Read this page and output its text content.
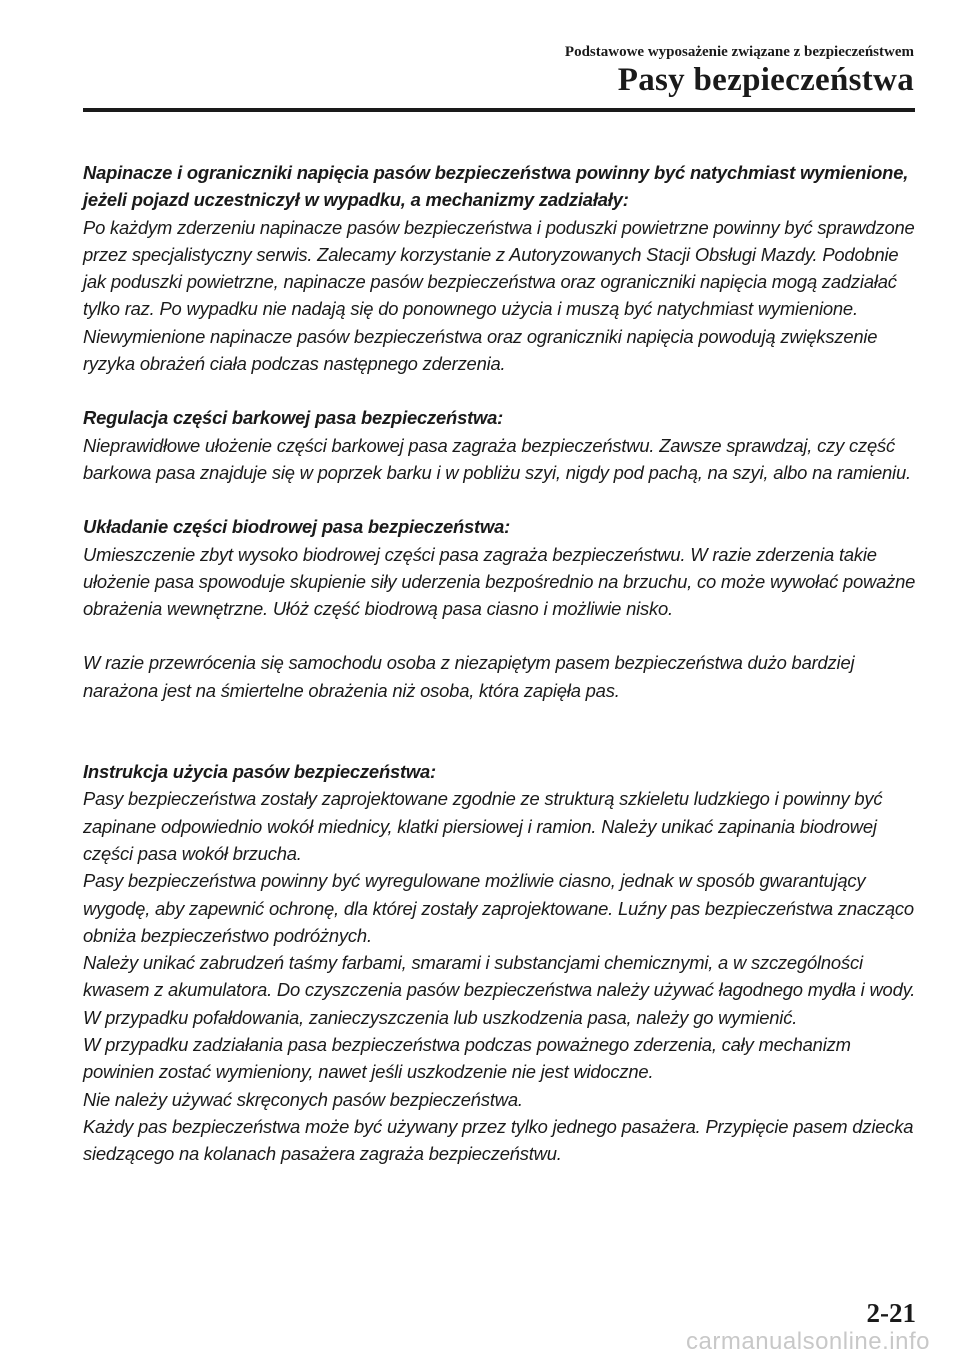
Podstawowe wyposażenie związane z bezpieczeństwem
Pasy bezpieczeństwa

Napinacze i ograniczniki napięcia pasów bezpieczeństwa powinny być natychmiast wymienione, jeżeli pojazd uczestniczył w wypadku, a mechanizmy zadziałały:

Po każdym zderzeniu napinacze pasów bezpieczeństwa i poduszki powietrzne powinny być sprawdzone przez specjalistyczny serwis. Zalecamy korzystanie z Autoryzowanych Stacji Obsługi Mazdy. Podobnie jak poduszki powietrzne, napinacze pasów bezpieczeństwa oraz ograniczniki napięcia mogą zadziałać tylko raz. Po wypadku nie nadają się do ponownego użycia i muszą być natychmiast wymienione. Niewymienione napinacze pasów bezpieczeństwa oraz ograniczniki napięcia powodują zwiększenie ryzyka obrażeń ciała podczas następnego zderzenia.

Regulacja części barkowej pasa bezpieczeństwa:

Nieprawidłowe ułożenie części barkowej pasa zagraża bezpieczeństwu. Zawsze sprawdzaj, czy część barkowa pasa znajduje się w poprzek barku i w pobliżu szyi, nigdy pod pachą, na szyi, albo na ramieniu.

Układanie części biodrowej pasa bezpieczeństwa:

Umieszczenie zbyt wysoko biodrowej części pasa zagraża bezpieczeństwu. W razie zderzenia takie ułożenie pasa spowoduje skupienie siły uderzenia bezpośrednio na brzuchu, co może wywołać poważne obrażenia wewnętrzne. Ułóż część biodrową pasa ciasno i możliwie nisko.

W razie przewrócenia się samochodu osoba z niezapiętym pasem bezpieczeństwa dużo bardziej narażona jest na śmiertelne obrażenia niż osoba, która zapięła pas.

Instrukcja użycia pasów bezpieczeństwa:

Pasy bezpieczeństwa zostały zaprojektowane zgodnie ze strukturą szkieletu ludzkiego i powinny być zapinane odpowiednio wokół miednicy, klatki piersiowej i ramion. Należy unikać zapinania biodrowej części pasa wokół brzucha.

Pasy bezpieczeństwa powinny być wyregulowane możliwie ciasno, jednak w sposób gwarantujący wygodę, aby zapewnić ochronę, dla której zostały zaprojektowane. Luźny pas bezpieczeństwa znacząco obniża bezpieczeństwo podróżnych.

Należy unikać zabrudzeń taśmy farbami, smarami i substancjami chemicznymi, a w szczególności kwasem z akumulatora. Do czyszczenia pasów bezpieczeństwa należy używać łagodnego mydła i wody. W przypadku pofałdowania, zanieczyszczenia lub uszkodzenia pasa, należy go wymienić.

W przypadku zadziałania pasa bezpieczeństwa podczas poważnego zderzenia, cały mechanizm powinien zostać wymieniony, nawet jeśli uszkodzenie nie jest widoczne.

Nie należy używać skręconych pasów bezpieczeństwa.

Każdy pas bezpieczeństwa może być używany przez tylko jednego pasażera. Przypięcie pasem dziecka siedzącego na kolanach pasażera zagraża bezpieczeństwu.

2-21
carmanualsonline.info
